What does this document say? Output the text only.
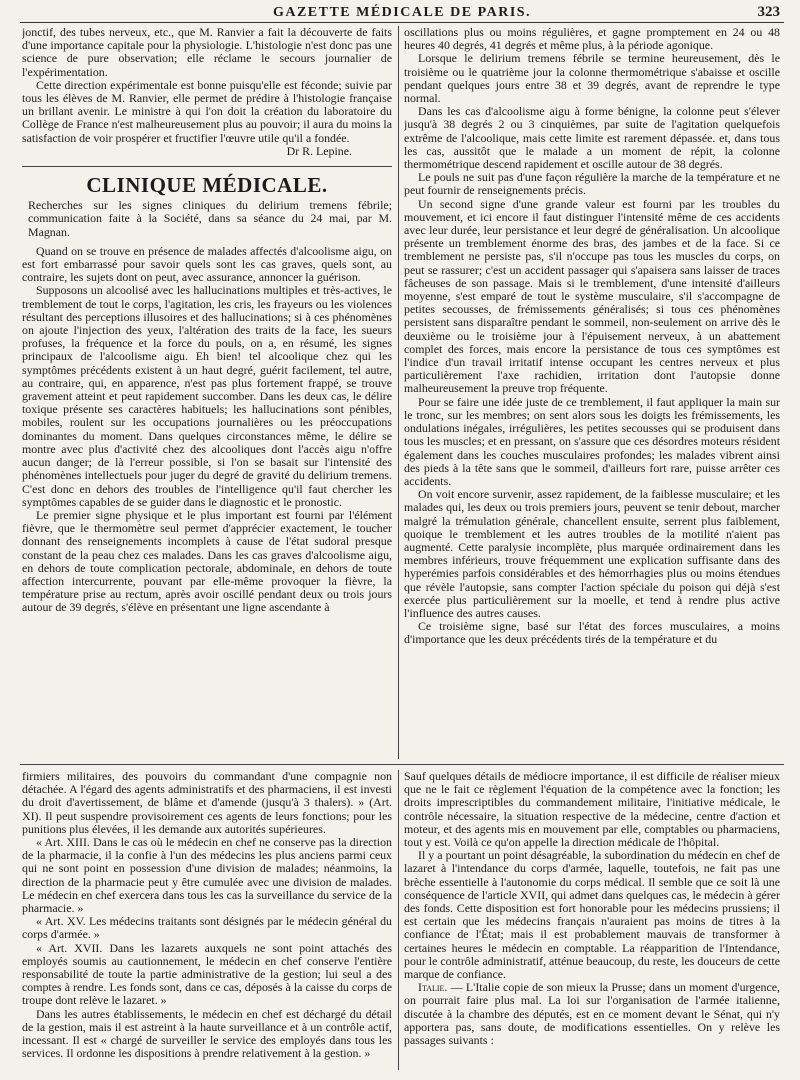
GAZETTE MÉDICALE DE PARIS.	323

jonctif, des tubes nerveux, etc., que M. Ranvier a fait la découverte de faits d'une importance capitale pour la physiologie. L'histologie n'est donc pas une science de pure observation; elle réclame le secours journalier de l'expérimentation.

Cette direction expérimentale est bonne puisqu'elle est féconde; suivie par tous les élèves de M. Ranvier, elle permet de prédire à l'histologie française un brillant avenir. Le ministre à qui l'on doit la création du laboratoire du Collège de France n'est malheureusement plus au pouvoir; il aura du moins la satisfaction de voir prospérer et fructifier l'œuvre utile qu'il a fondée.

Dr R. Lepine.

CLINIQUE MÉDICALE.

Recherches sur les signes cliniques du delirium tremens fébrile; communication faite à la Société, dans sa séance du 24 mai, par M. Magnan.

Quand on se trouve en présence de malades affectés d'alcoolisme aigu, on est fort embarrassé pour savoir quels sont les cas graves, quels sont, au contraire, les sujets dont on peut, avec assurance, annoncer la guérison.

Supposons un alcoolisé avec les hallucinations multiples et très-actives, le tremblement de tout le corps, l'agitation, les cris, les frayeurs ou les violences résultant des perceptions illusoires et des hallucinations; si à ces phénomènes on ajoute l'injection des yeux, l'altération des traits de la face, les sueurs profuses, la fréquence et la force du pouls, on a, en résumé, les signes principaux de l'alcoolisme aigu. Eh bien! tel alcoolique chez qui les symptômes précédents existent à un haut degré, guérit facilement, tel autre, au contraire, qui, en apparence, n'est pas plus fortement frappé, se trouve gravement atteint et peut rapidement succomber. Dans les deux cas, le délire toxique présente ses caractères habituels; les hallucinations sont pénibles, mobiles, roulent sur les occupations journalières ou les préoccupations dominantes du moment. Dans quelques circonstances même, le délire se montre avec plus d'activité chez des alcooliques dont l'accès aigu n'offre aucun danger; de là l'erreur possible, si l'on se basait sur l'intensité des phénomènes intellectuels pour juger du degré de gravité du delirium tremens. C'est donc en dehors des troubles de l'intelligence qu'il faut chercher les symptômes capables de se guider dans le diagnostic et le pronostic.

Le premier signe physique et le plus important est fourni par l'élément fièvre, que le thermomètre seul permet d'apprécier exactement, le toucher donnant des renseignements incomplets à cause de l'état sudoral presque constant de la peau chez ces malades. Dans les cas graves d'alcoolisme aigu, en dehors de toute complication pectorale, abdominale, en dehors de toute affection intercurrente, pouvant par elle-même provoquer la fièvre, la température prise au rectum, après avoir oscillé pendant deux ou trois jours autour de 39 degrés, s'élève en présentant une ligne ascendante à

oscillations plus ou moins régulières, et gagne promptement en 24 ou 48 heures 40 degrés, 41 degrés et même plus, à la période agonique.

Lorsque le delirium tremens fébrile se termine heureusement, dès le troisième ou le quatrième jour la colonne thermométrique s'abaisse et oscille pendant quelques jours entre 38 et 39 degrés, avant de reprendre le type normal.

Dans les cas d'alcoolisme aigu à forme bénigne, la colonne peut s'élever jusqu'à 38 degrés 2 ou 3 cinquièmes, par suite de l'agitation quelquefois extrême de l'alcoolique, mais cette limite est rarement dépassée. et, dans tous les cas, aussitôt que le malade a un moment de répit, la colonne thermométrique descend rapidement et oscille autour de 38 degrés.

Le pouls ne suit pas d'une façon régulière la marche de la température et ne peut fournir de renseignements précis.

Un second signe d'une grande valeur est fourni par les troubles du mouvement, et ici encore il faut distinguer l'intensité même de ces accidents avec leur durée, leur persistance et leur degré de généralisation. Un alcoolique présente un tremblement énorme des bras, des jambes et de la face. Si ce tremblement ne persiste pas, s'il n'occupe pas tous les muscles du corps, on peut se rassurer; c'est un accident passager qui s'apaisera sans laisser de traces fâcheuses de son passage. Mais si le tremblement, d'une intensité d'ailleurs moyenne, s'est emparé de tout le système musculaire, s'il s'accompagne de petites secousses, de frémissements généralisés; si tous ces phénomènes persistent sans disparaître pendant le sommeil, non-seulement on arrive dès le deuxième ou le troisième jour à l'épuisement nerveux, à un abattement complet des forces, mais encore la persistance de tous ces symptômes est l'indice d'un travail irritatif intense occupant les centres nerveux et plus particulièrement l'axe rachidien, irritation dont l'autopsie donne malheureusement la preuve trop fréquente.

Pour se faire une idée juste de ce tremblement, il faut appliquer la main sur le tronc, sur les membres; on sent alors sous les doigts les frémissements, les ondulations inégales, irrégulières, les petites secousses qui se produisent dans tous les muscles; et en pressant, on s'assure que ces désordres moteurs résident également dans les couches musculaires profondes; les malades vibrent ainsi des pieds à la tête sans que le sommeil, d'ailleurs fort rare, puisse arrêter ces accidents.

On voit encore survenir, assez rapidement, de la faiblesse musculaire; et les malades qui, les deux ou trois premiers jours, peuvent se tenir debout, marcher malgré la trémulation générale, chancellent ensuite, serrent plus faiblement, quoique le tremblement et les autres troubles de la motilité n'aient pas augmenté. Cette paralysie incomplète, plus marquée ordinairement dans les membres inférieurs, trouve fréquemment une explication suffisante dans des hyperémies parfois considérables et des hémorrhagies plus ou moins étendues que révèle l'autopsie, sans compter l'action spéciale du poison qui déjà s'est exercée plus particulièrement sur la moelle, et tend à rendre plus active l'influence des autres causes.

Ce troisième signe, basé sur l'état des forces musculaires, a moins d'importance que les deux précédents tirés de la température et du

firmiers militaires, des pouvoirs du commandant d'une compagnie non détachée. A l'égard des agents administratifs et des pharmaciens, il est investi du droit d'avertissement, de blâme et d'amende (jusqu'à 3 thalers). » (Art. XI). Il peut suspendre provisoirement ces agents de leurs fonctions; pour les punitions plus élevées, il les demande aux autorités supérieures.

« Art. XIII. Dans le cas où le médecin en chef ne conserve pas la direction de la pharmacie, il la confie à l'un des médecins les plus anciens parmi ceux qui ne sont point en possession d'une division de malades; néanmoins, la direction de la pharmacie peut y être cumulée avec une division de malades. Le médecin en chef exercera dans tous les cas la surveillance du service de la pharmacie. »

« Art. XV. Les médecins traitants sont désignés par le médecin général du corps d'armée. »

« Art. XVII. Dans les lazarets auxquels ne sont point attachés des employés soumis au cautionnement, le médecin en chef conserve l'entière responsabilité de toute la partie administrative de la gestion; lui seul a des comptes à rendre. Les fonds sont, dans ce cas, déposés à la caisse du corps de troupe dont relève le lazaret. »

Dans les autres établissements, le médecin en chef est déchargé du détail de la gestion, mais il est astreint à la haute surveillance et à un contrôle actif, incessant. Il est « chargé de surveiller le service des employés dans tous les services. Il ordonne les dispositions à prendre relativement à la gestion. »

Sauf quelques détails de médiocre importance, il est difficile de réaliser mieux que ne le fait ce règlement l'équation de la compétence avec la fonction; les droits imprescriptibles du commandement militaire, l'initiative médicale, le contrôle nécessaire, la situation respective de la médecine, centre d'action et moteur, et des agents mis en mouvement par elle, comptables ou pharmaciens, tout y est. Voilà ce qu'on appelle la direction médicale de l'hôpital.

Il y a pourtant un point désagréable, la subordination du médecin en chef de lazaret à l'intendance du corps d'armée, laquelle, toutefois, ne fait pas une brèche essentielle à l'autonomie du corps médical. Il semble que ce soit là une conséquence de l'article XVII, qui admet dans quelques cas, le médecin à gérer des fonds. Cette disposition est fort honorable pour les médecins prussiens; il est certain que les médecins français n'auraient pas moins de titres à la confiance de l'État; mais il est probablement mauvais de transformer à certaines heures le médecin en comptable. La réapparition de l'Intendance, pour le contrôle administratif, atténue beaucoup, du reste, les douceurs de cette marque de confiance.

Italie. — L'Italie copie de son mieux la Prusse; dans un moment d'urgence, on pourrait faire plus mal. La loi sur l'organisation de l'armée italienne, discutée à la chambre des députés, est en ce moment devant le Sénat, qui n'y apportera pas, sans doute, de modifications essentielles. On y relève les passages suivants :
